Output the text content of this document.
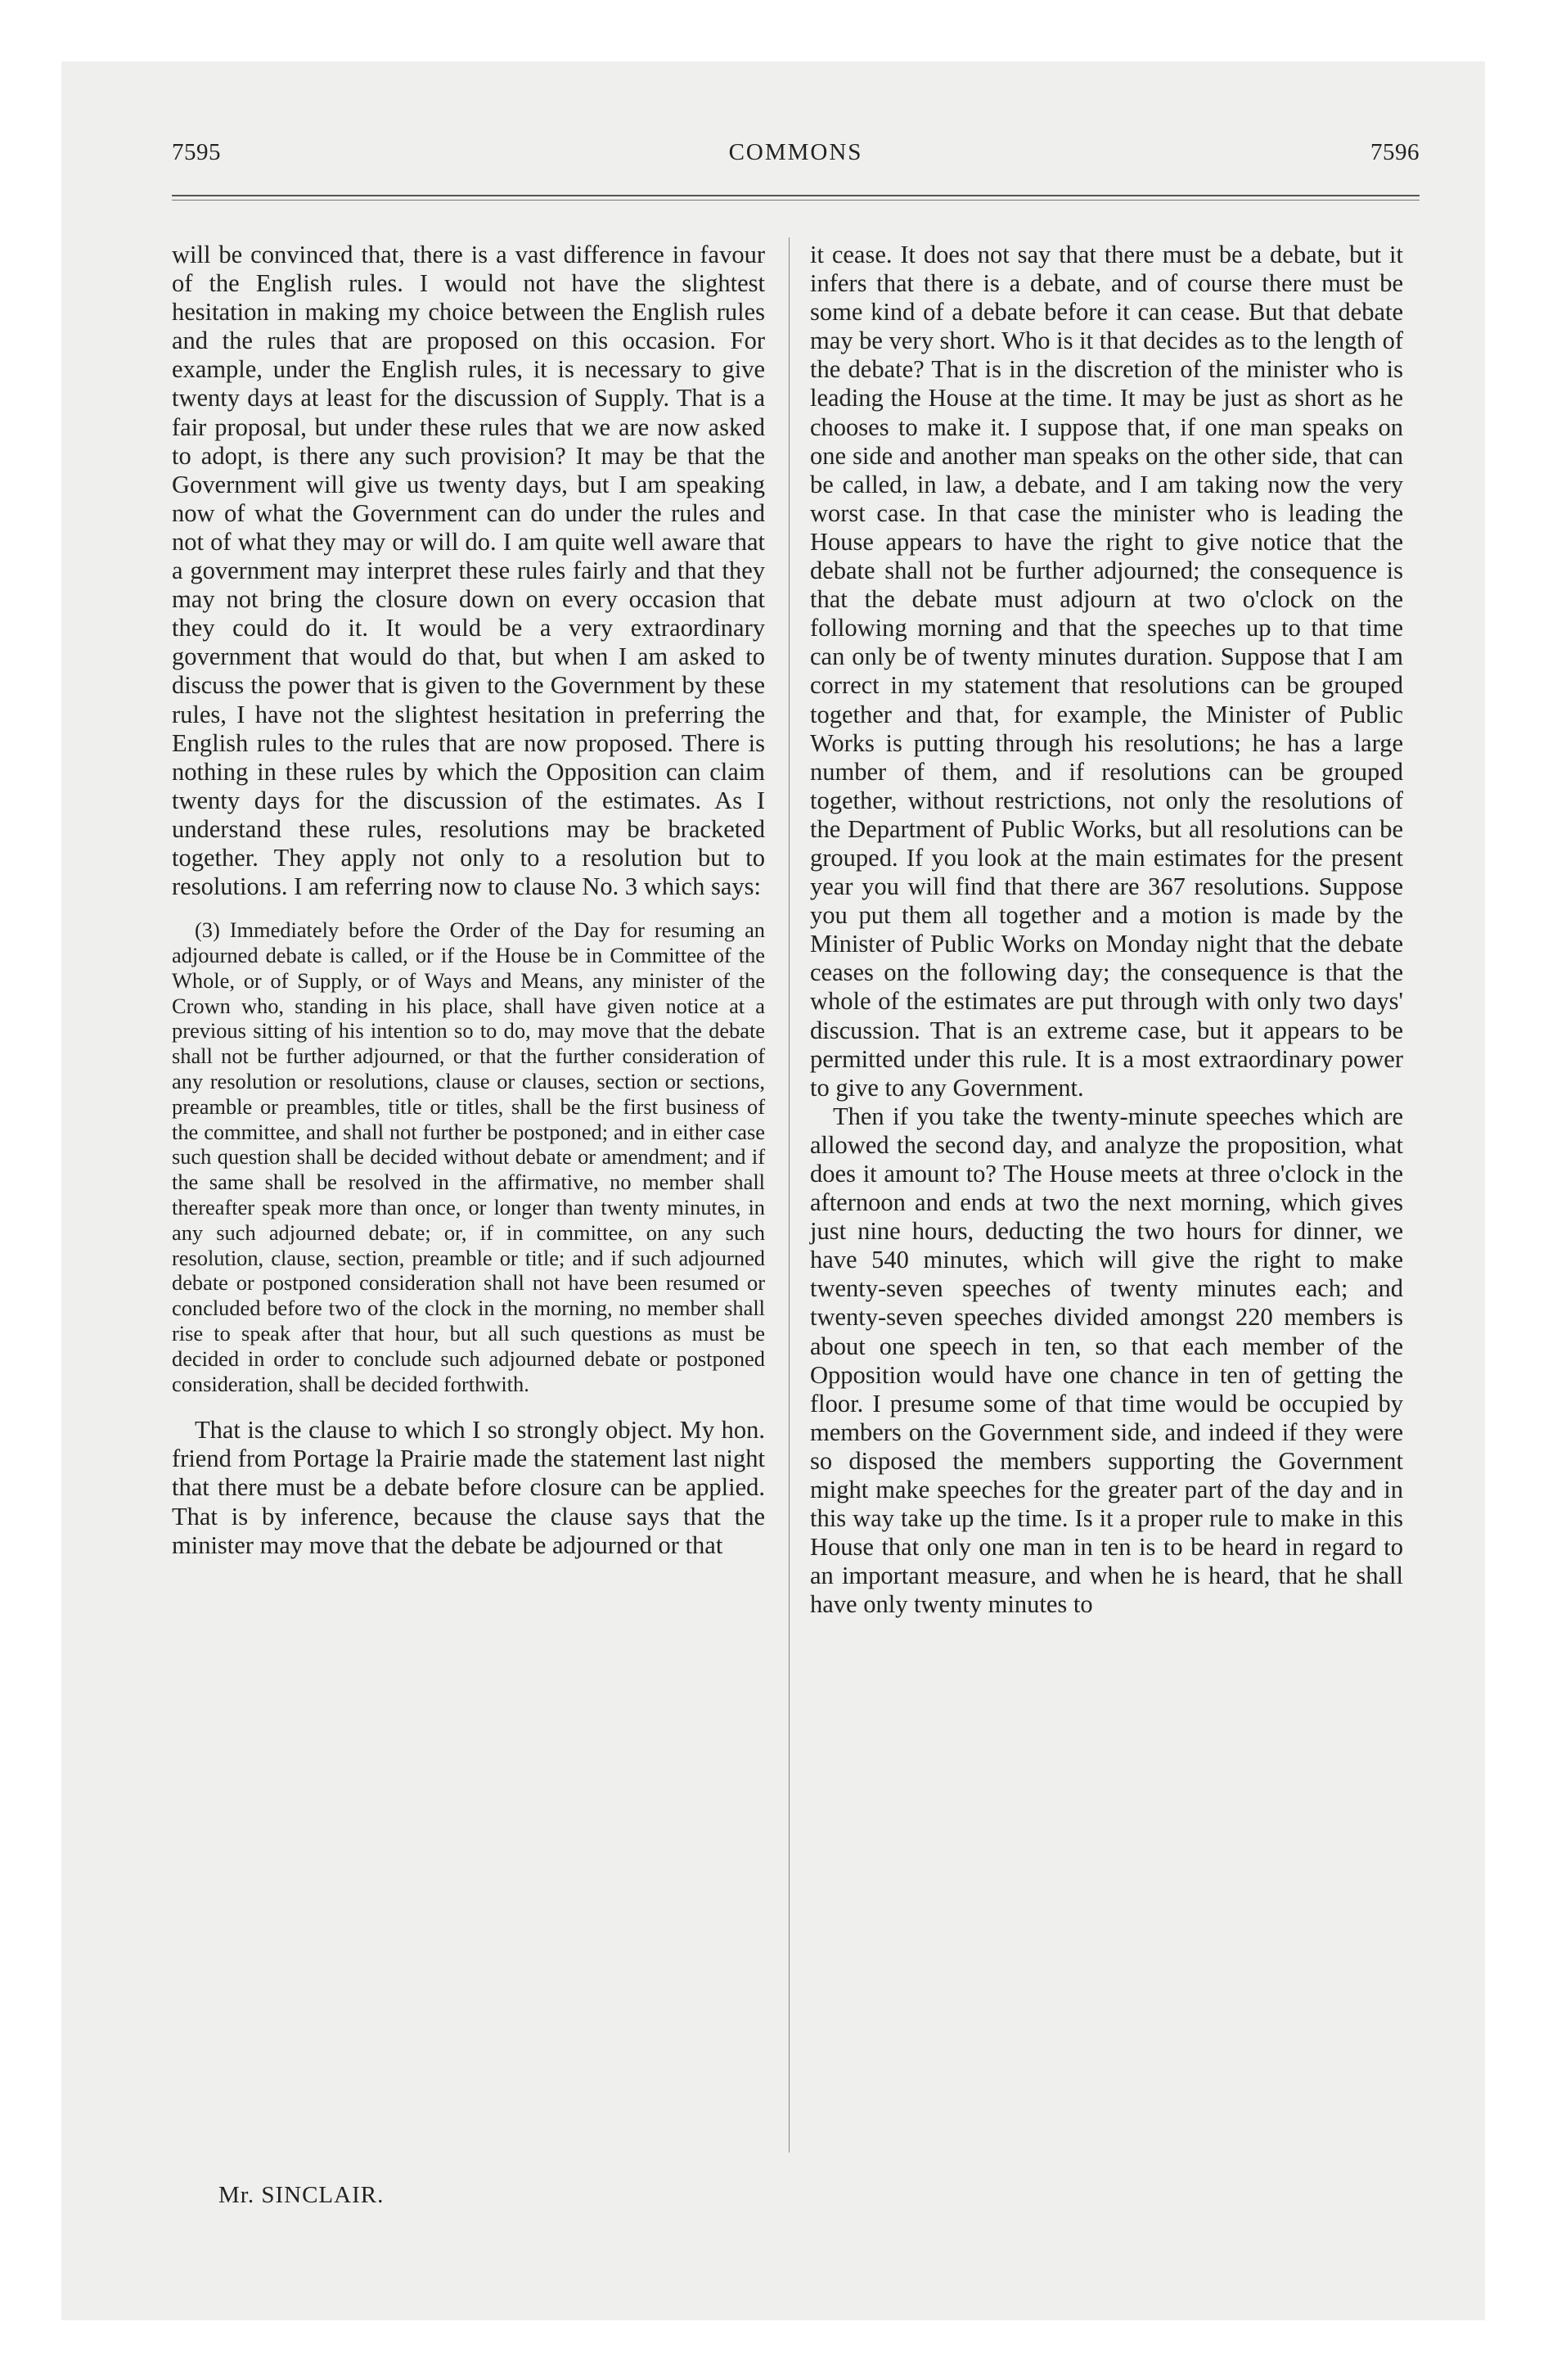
7595	COMMONS	7596

will be convinced that, there is a vast difference in favour of the English rules. I would not have the slightest hesitation in making my choice between the English rules and the rules that are proposed on this occasion. For example, under the English rules, it is necessary to give twenty days at least for the discussion of Supply. That is a fair proposal, but under these rules that we are now asked to adopt, is there any such provision? It may be that the Government will give us twenty days, but I am speaking now of what the Government can do under the rules and not of what they may or will do. I am quite well aware that a government may interpret these rules fairly and that they may not bring the closure down on every occasion that they could do it. It would be a very extraordinary government that would do that, but when I am asked to discuss the power that is given to the Government by these rules, I have not the slightest hesitation in preferring the English rules to the rules that are now proposed. There is nothing in these rules by which the Opposition can claim twenty days for the discussion of the estimates. As I understand these rules, resolutions may be bracketed together. They apply not only to a resolution but to resolutions. I am referring now to clause No. 3 which says:

(3) Immediately before the Order of the Day for resuming an adjourned debate is called, or if the House be in Committee of the Whole, or of Supply, or of Ways and Means, any minister of the Crown who, standing in his place, shall have given notice at a previous sitting of his intention so to do, may move that the debate shall not be further adjourned, or that the further consideration of any resolution or resolutions, clause or clauses, section or sections, preamble or preambles, title or titles, shall be the first business of the committee, and shall not further be postponed; and in either case such question shall be decided without debate or amendment; and if the same shall be resolved in the affirmative, no member shall thereafter speak more than once, or longer than twenty minutes, in any such adjourned debate; or, if in committee, on any such resolution, clause, section, preamble or title; and if such adjourned debate or postponed consideration shall not have been resumed or concluded before two of the clock in the morning, no member shall rise to speak after that hour, but all such questions as must be decided in order to conclude such adjourned debate or postponed consideration, shall be decided forthwith.

That is the clause to which I so strongly object. My hon. friend from Portage la Prairie made the statement last night that there must be a debate before closure can be applied. That is by inference, because the clause says that the minister may move that the debate be adjourned or that

it cease. It does not say that there must be a debate, but it infers that there is a debate, and of course there must be some kind of a debate before it can cease. But that debate may be very short. Who is it that decides as to the length of the debate? That is in the discretion of the minister who is leading the House at the time. It may be just as short as he chooses to make it. I suppose that, if one man speaks on one side and another man speaks on the other side, that can be called, in law, a debate, and I am taking now the very worst case. In that case the minister who is leading the House appears to have the right to give notice that the debate shall not be further adjourned; the consequence is that the debate must adjourn at two o'clock on the following morning and that the speeches up to that time can only be of twenty minutes duration. Suppose that I am correct in my statement that resolutions can be grouped together and that, for example, the Minister of Public Works is putting through his resolutions; he has a large number of them, and if resolutions can be grouped together, without restrictions, not only the resolutions of the Department of Public Works, but all resolutions can be grouped. If you look at the main estimates for the present year you will find that there are 367 resolutions. Suppose you put them all together and a motion is made by the Minister of Public Works on Monday night that the debate ceases on the following day; the consequence is that the whole of the estimates are put through with only two days' discussion. That is an extreme case, but it appears to be permitted under this rule. It is a most extraordinary power to give to any Government.

Then if you take the twenty-minute speeches which are allowed the second day, and analyze the proposition, what does it amount to? The House meets at three o'clock in the afternoon and ends at two the next morning, which gives just nine hours, deducting the two hours for dinner, we have 540 minutes, which will give the right to make twenty-seven speeches of twenty minutes each; and twenty-seven speeches divided amongst 220 members is about one speech in ten, so that each member of the Opposition would have one chance in ten of getting the floor. I presume some of that time would be occupied by members on the Government side, and indeed if they were so disposed the members supporting the Government might make speeches for the greater part of the day and in this way take up the time. Is it a proper rule to make in this House that only one man in ten is to be heard in regard to an important measure, and when he is heard, that he shall have only twenty minutes to

Mr. SINCLAIR.
